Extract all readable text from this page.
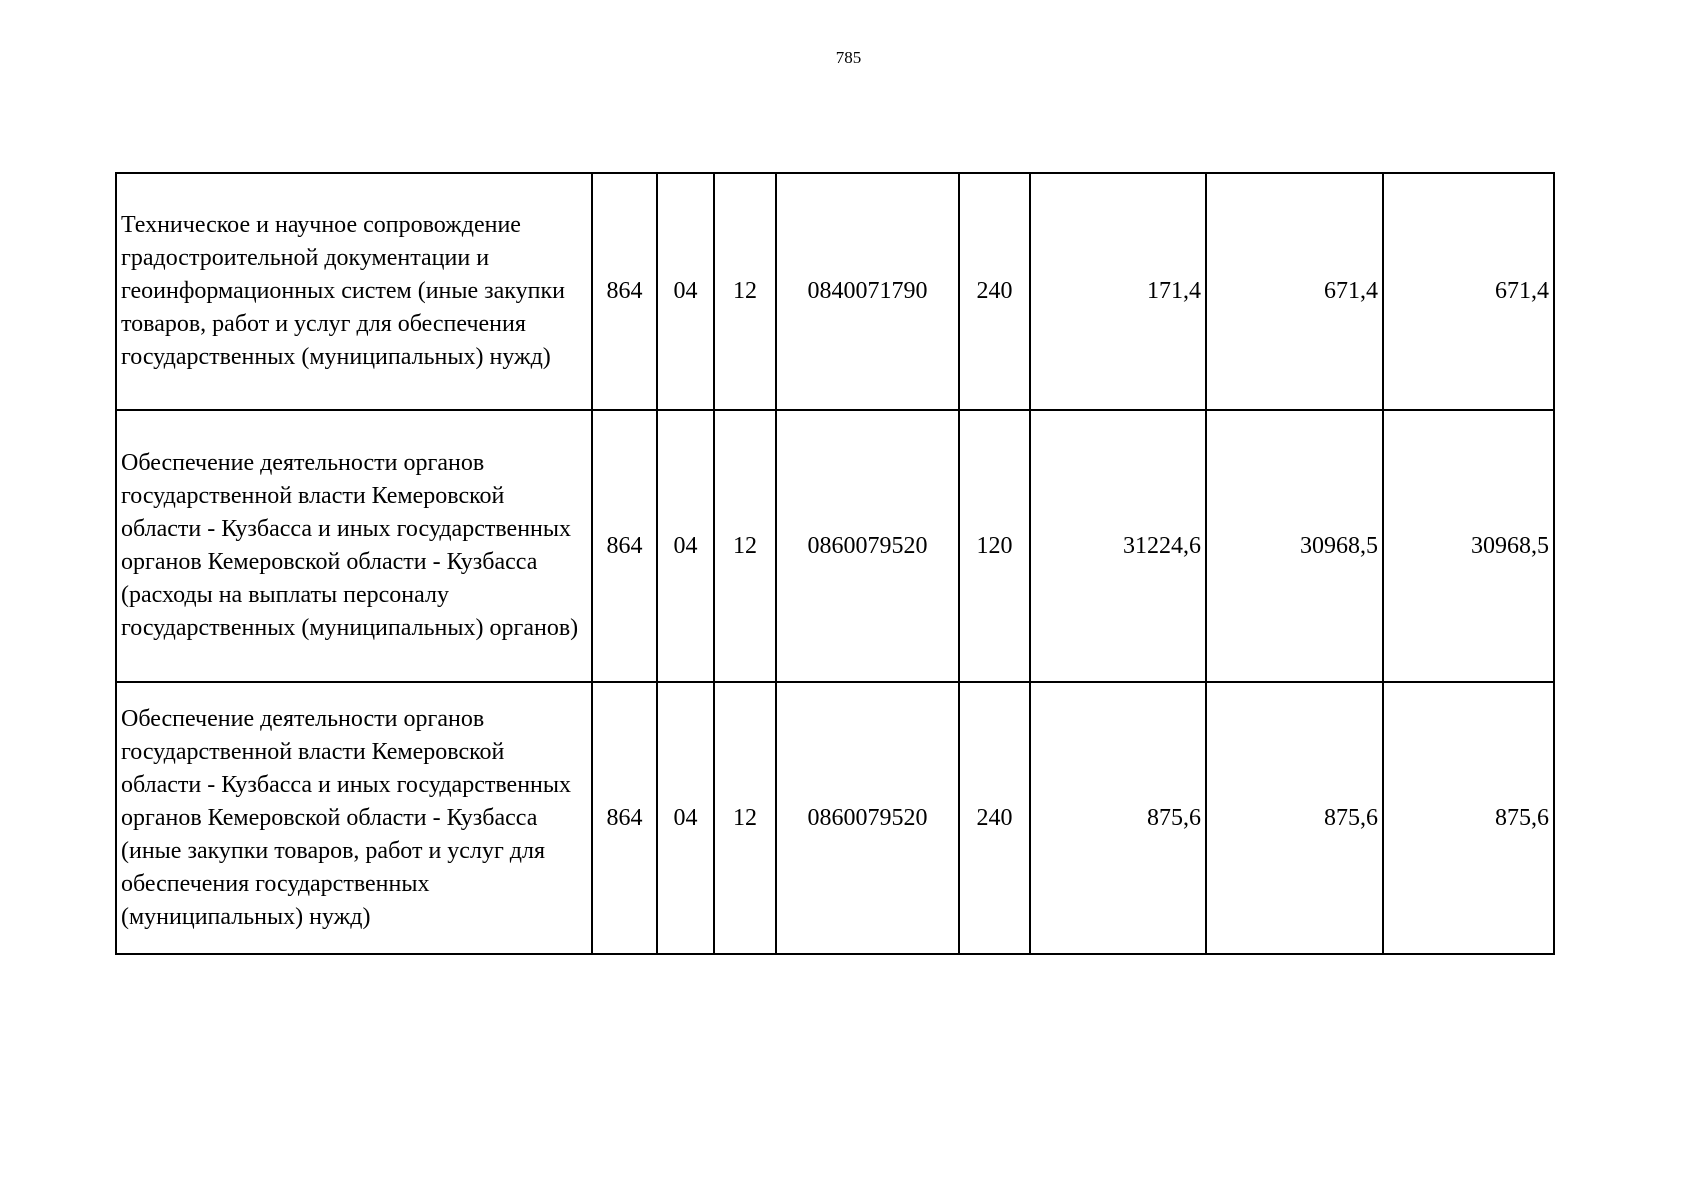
785
Техническое и научное сопровождение градостроительной документации и геоинформационных систем (иные закупки товаров, работ и услуг для обеспечения государственных (муниципальных) нужд)	864	04	12	0840071790	240	171,4	671,4	671,4
Обеспечение деятельности органов государственной власти Кемеровской области - Кузбасса и иных государственных органов Кемеровской области - Кузбасса (расходы на выплаты персоналу государственных (муниципальных) органов)	864	04	12	0860079520	120	31224,6	30968,5	30968,5
Обеспечение деятельности органов государственной власти Кемеровской области - Кузбасса и иных государственных органов Кемеровской области - Кузбасса (иные закупки товаров, работ и услуг для обеспечения государственных (муниципальных) нужд)	864	04	12	0860079520	240	875,6	875,6	875,6
